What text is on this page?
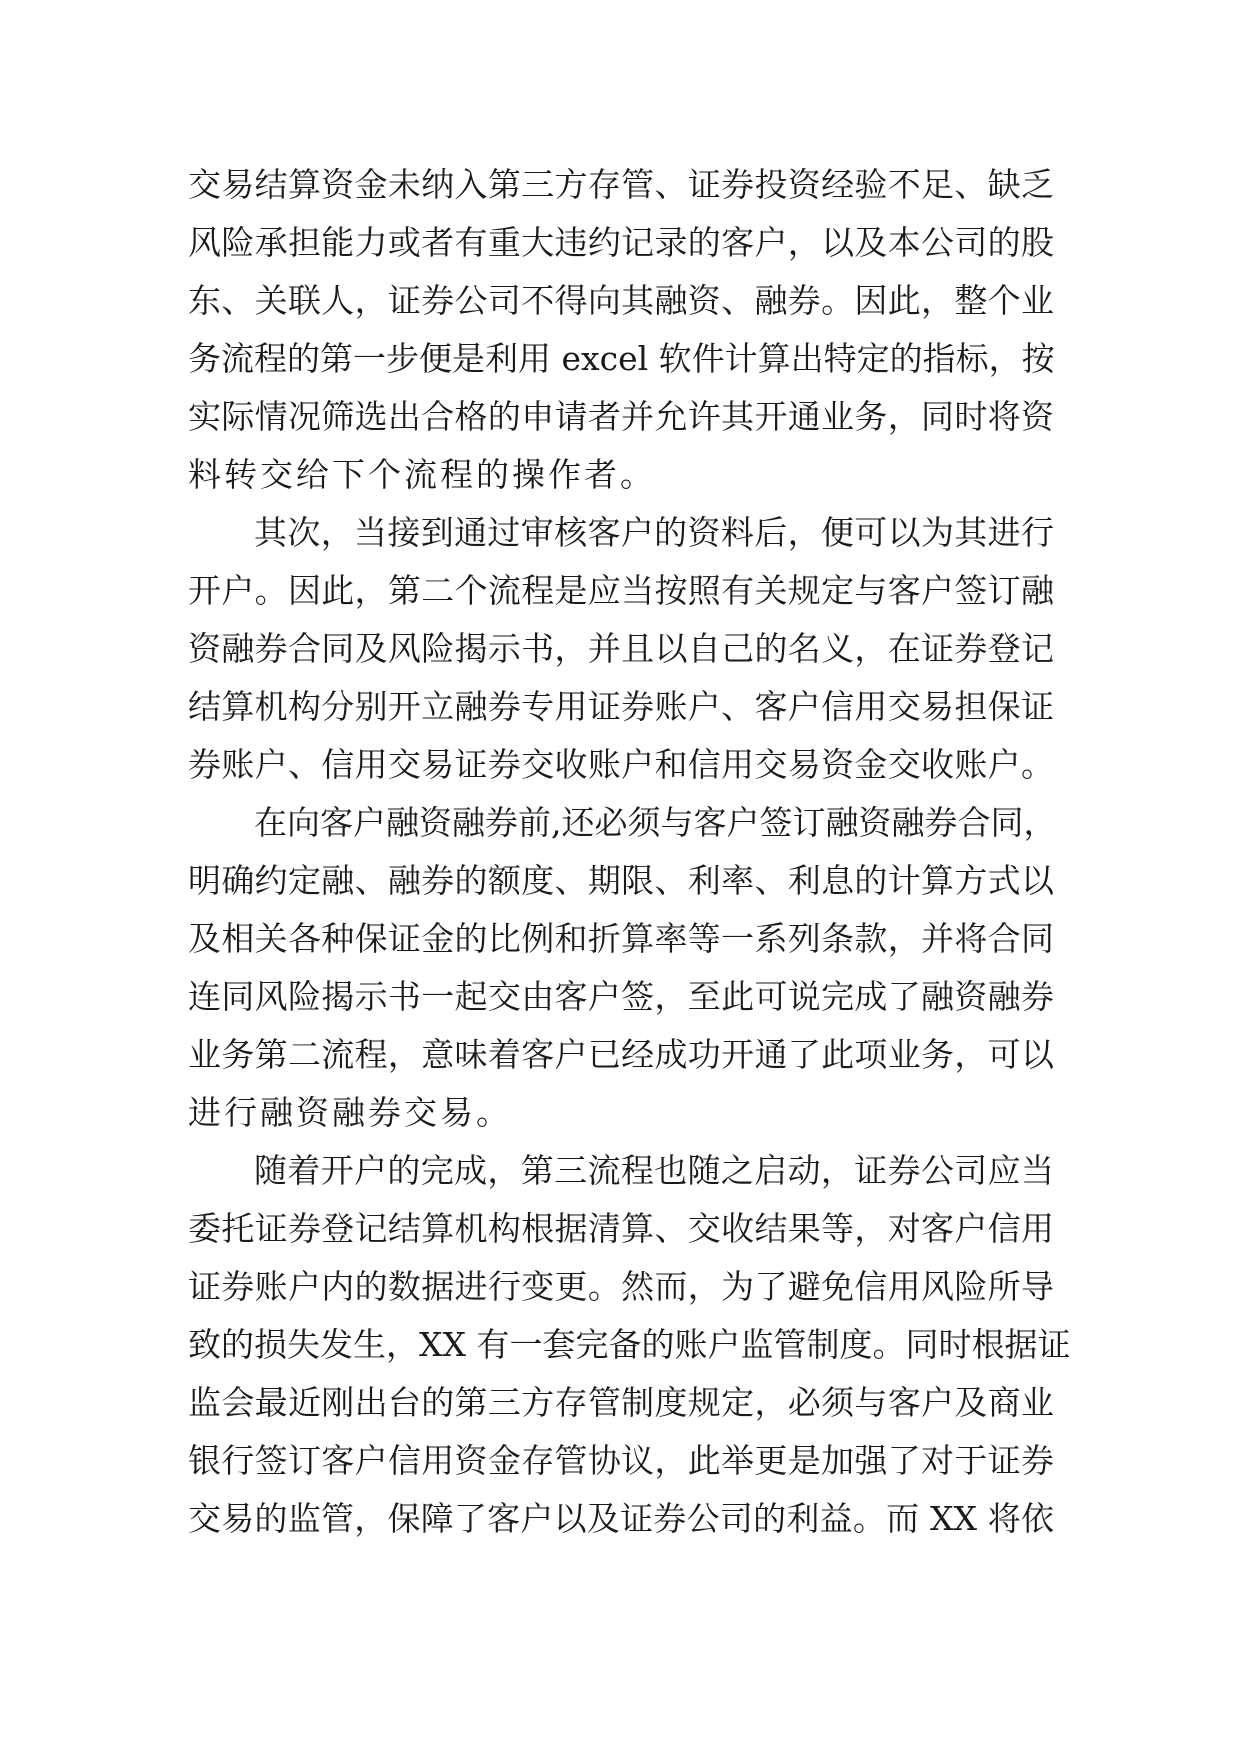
交易结算资金未纳入第三方存管、证券投资经验不足、缺乏
风险承担能力或者有重大违约记录的客户，以及本公司的股
东、关联人，证券公司不得向其融资、融券。因此，整个业
务流程的第一步便是利用 excel 软件计算出特定的指标，按
实际情况筛选出合格的申请者并允许其开通业务，同时将资
料转交给下个流程的操作者。
其次，当接到通过审核客户的资料后，便可以为其进行
开户。因此，第二个流程是应当按照有关规定与客户签订融
资融券合同及风险揭示书，并且以自己的名义，在证券登记
结算机构分别开立融券专用证券账户、客户信用交易担保证
券账户、信用交易证券交收账户和信用交易资金交收账户。
在向客户融资融券前,还必须与客户签订融资融券合同，
明确约定融、融券的额度、期限、利率、利息的计算方式以
及相关各种保证金的比例和折算率等一系列条款，并将合同
连同风险揭示书一起交由客户签，至此可说完成了融资融券
业务第二流程，意味着客户已经成功开通了此项业务，可以
进行融资融券交易。
随着开户的完成，第三流程也随之启动，证券公司应当
委托证券登记结算机构根据清算、交收结果等，对客户信用
证券账户内的数据进行变更。然而，为了避免信用风险所导
致的损失发生，XX 有一套完备的账户监管制度。同时根据证
监会最近刚出台的第三方存管制度规定，必须与客户及商业
银行签订客户信用资金存管协议，此举更是加强了对于证券
交易的监管，保障了客户以及证券公司的利益。而 XX 将依
